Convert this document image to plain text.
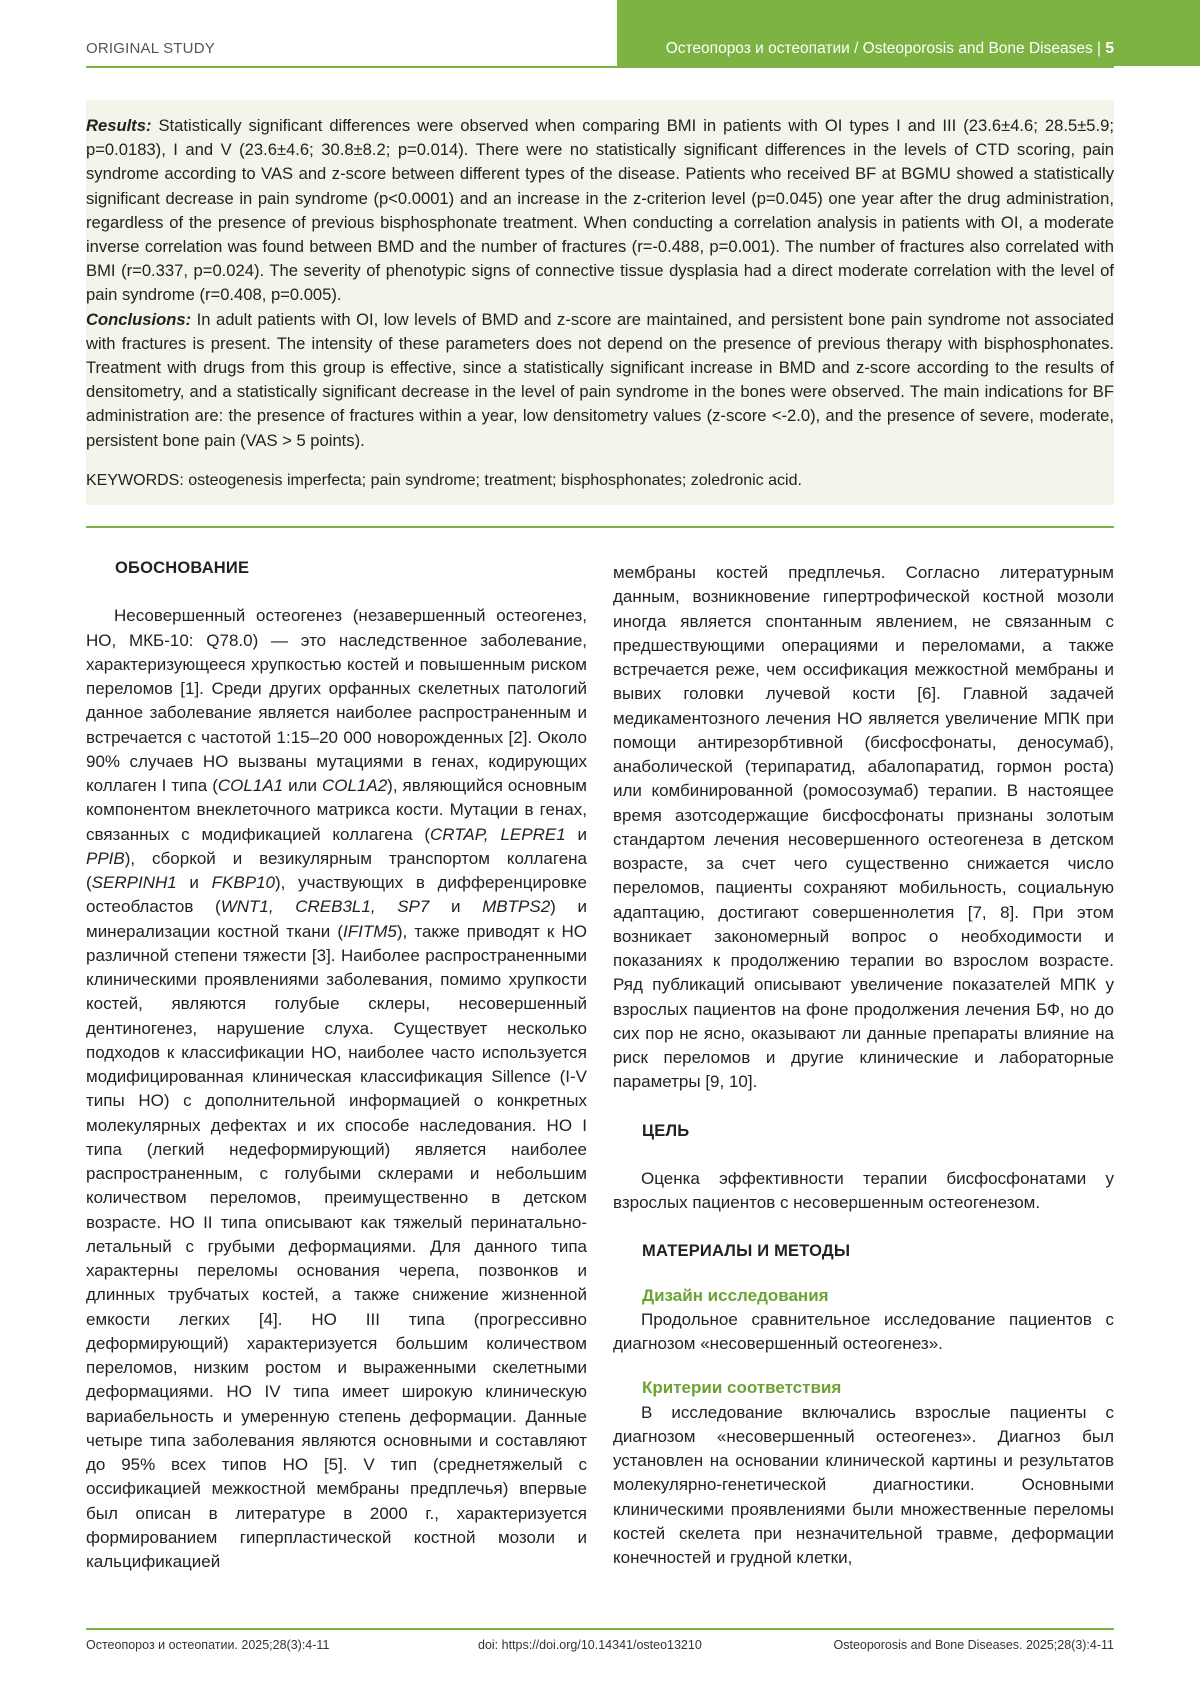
ORIGINAL STUDY	Остеопороз и остеопатии / Osteoporosis and Bone Diseases | 5

Results: Statistically significant differences were observed when comparing BMI in patients with OI types I and III (23.6±4.6; 28.5±5.9; p=0.0183), I and V (23.6±4.6; 30.8±8.2; p=0.014). There were no statistically significant differences in the levels of CTD scoring, pain syndrome according to VAS and z-score between different types of the disease. Patients who received BF at BGMU showed a statistically significant decrease in pain syndrome (p<0.0001) and an increase in the z-criterion level (p=0.045) one year after the drug administration, regardless of the presence of previous bisphosphonate treatment. When conducting a correlation analysis in patients with OI, a moderate inverse correlation was found between BMD and the number of fractures (r=-0.488, p=0.001). The number of fractures also correlated with BMI (r=0.337, p=0.024). The severity of phenotypic signs of connective tissue dysplasia had a direct moderate correlation with the level of pain syndrome (r=0.408, p=0.005).

Conclusions: In adult patients with OI, low levels of BMD and z-score are maintained, and persistent bone pain syndrome not associated with fractures is present. The intensity of these parameters does not depend on the presence of previous therapy with bisphosphonates. Treatment with drugs from this group is effective, since a statistically significant increase in BMD and z-score according to the results of densitometry, and a statistically significant decrease in the level of pain syndrome in the bones were observed. The main indications for BF administration are: the presence of fractures within a year, low densitometry values (z-score <-2.0), and the presence of severe, moderate, persistent bone pain (VAS > 5 points).

KEYWORDS: osteogenesis imperfecta; pain syndrome; treatment; bisphosphonates; zoledronic acid.

ОБОСНОВАНИЕ

Несовершенный остеогенез (незавершенный остеогенез, НО, МКБ-10: Q78.0) — это наследственное заболевание, характеризующееся хрупкостью костей и повышенным риском переломов [1]. Среди других орфанных скелетных патологий данное заболевание является наиболее распространенным и встречается с частотой 1:15–20 000 новорожденных [2]. Около 90% случаев НО вызваны мутациями в генах, кодирующих коллаген I типа (COL1A1 или COL1A2), являющийся основным компонентом внеклеточного матрикса кости. Мутации в генах, связанных с модификацией коллагена (CRTAP, LEPRE1 и PPIB), сборкой и везикулярным транспортом коллагена (SERPINH1 и FKBP10), участвующих в дифференцировке остеобластов (WNT1, CREB3L1, SP7 и MBTPS2) и минерализации костной ткани (IFITM5), также приводят к НО различной степени тяжести [3]. Наиболее распространенными клиническими проявлениями заболевания, помимо хрупкости костей, являются голубые склеры, несовершенный дентиногенез, нарушение слуха. Существует несколько подходов к классификации НО, наиболее часто используется модифицированная клиническая классификация Sillence (I-V типы НО) с дополнительной информацией о конкретных молекулярных дефектах и их способе наследования. НО I типа (легкий недеформирующий) является наиболее распространенным, с голубыми склерами и небольшим количеством переломов, преимущественно в детском возрасте. НО II типа описывают как тяжелый перинатально-летальный с грубыми деформациями. Для данного типа характерны переломы основания черепа, позвонков и длинных трубчатых костей, а также снижение жизненной емкости легких [4]. НО III типа (прогрессивно деформирующий) характеризуется большим количеством переломов, низким ростом и выраженными скелетными деформациями. НО IV типа имеет широкую клиническую вариабельность и умеренную степень деформации. Данные четыре типа заболевания являются основными и составляют до 95% всех типов НО [5]. V тип (среднетяжелый с оссификацией межкостной мембраны предплечья) впервые был описан в литературе в 2000 г., характеризуется формированием гиперпластической костной мозоли и кальцификацией

мембраны костей предплечья. Согласно литературным данным, возникновение гипертрофической костной мозоли иногда является спонтанным явлением, не связанным с предшествующими операциями и переломами, а также встречается реже, чем оссификация межкостной мембраны и вывих головки лучевой кости [6]. Главной задачей медикаментозного лечения НО является увеличение МПК при помощи антирезорбтивной (бисфосфонаты, деносумаб), анаболической (терипаратид, абалопаратид, гормон роста) или комбинированной (ромосозумаб) терапии. В настоящее время азотсодержащие бисфосфонаты признаны золотым стандартом лечения несовершенного остеогенеза в детском возрасте, за счет чего существенно снижается число переломов, пациенты сохраняют мобильность, социальную адаптацию, достигают совершеннолетия [7, 8]. При этом возникает закономерный вопрос о необходимости и показаниях к продолжению терапии во взрослом возрасте. Ряд публикаций описывают увеличение показателей МПК у взрослых пациентов на фоне продолжения лечения БФ, но до сих пор не ясно, оказывают ли данные препараты влияние на риск переломов и другие клинические и лабораторные параметры [9, 10].

ЦЕЛЬ

Оценка эффективности терапии бисфосфонатами у взрослых пациентов с несовершенным остеогенезом.

МАТЕРИАЛЫ И МЕТОДЫ

Дизайн исследования

Продольное сравнительное исследование пациентов с диагнозом «несовершенный остеогенез».

Критерии соответствия

В исследование включались взрослые пациенты с диагнозом «несовершенный остеогенез». Диагноз был установлен на основании клинической картины и результатов молекулярно-генетической диагностики. Основными клиническими проявлениями были множественные переломы костей скелета при незначительной травме, деформации конечностей и грудной клетки,

Остеопороз и остеопатии. 2025;28(3):4-11	doi: https://doi.org/10.14341/osteo13210	Osteoporosis and Bone Diseases. 2025;28(3):4-11
